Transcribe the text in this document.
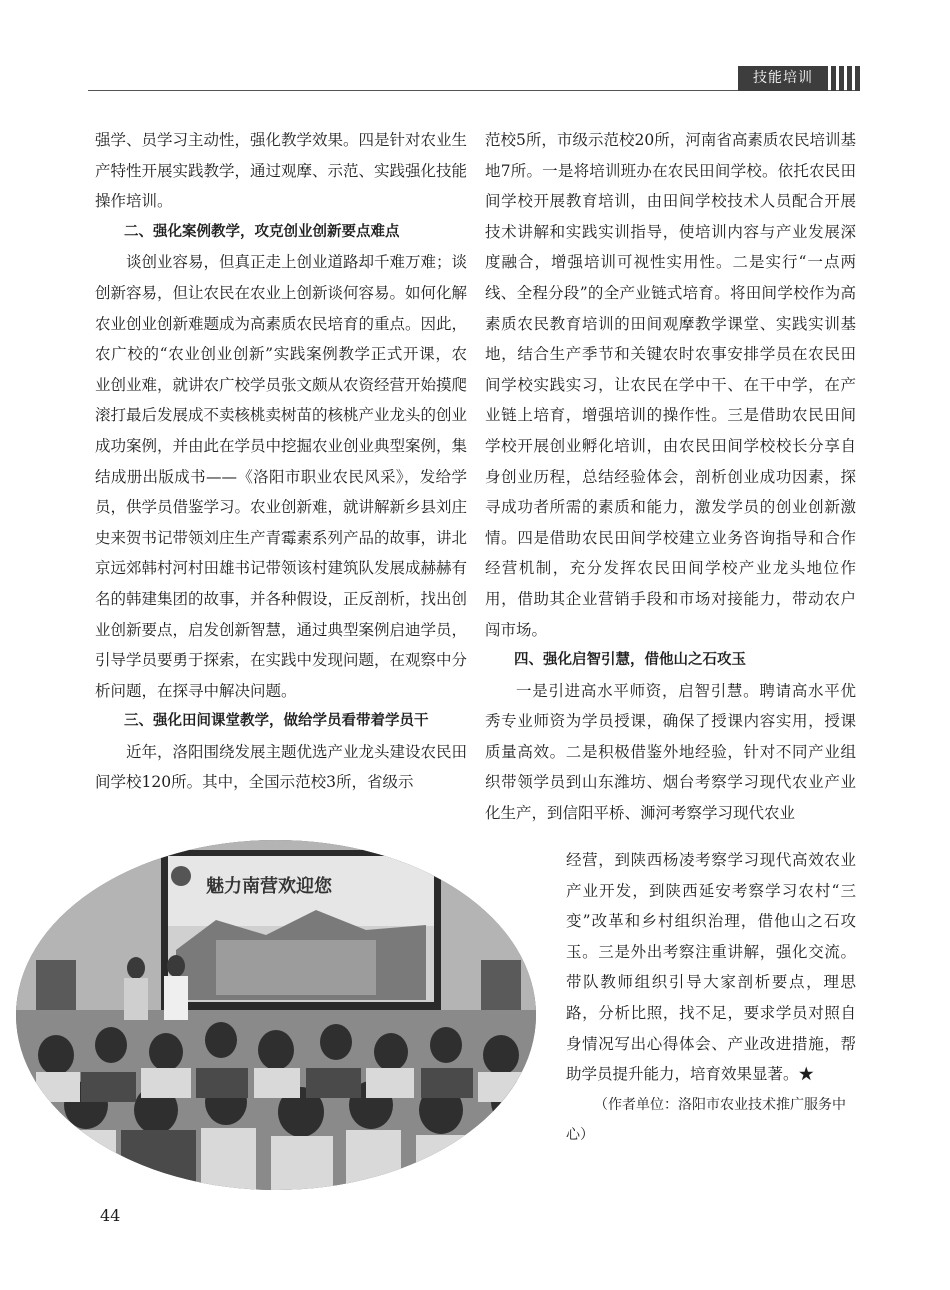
技能培训

强学、员学习主动性，强化教学效果。四是针对农业生产特性开展实践教学，通过观摩、示范、实践强化技能操作培训。

二、强化案例教学，攻克创业创新要点难点

谈创业容易，但真正走上创业道路却千难万难；谈创新容易，但让农民在农业上创新谈何容易。如何化解农业创业创新难题成为高素质农民培育的重点。因此，农广校的“农业创业创新”实践案例教学正式开课，农业创业难，就讲农广校学员张文颇从农资经营开始摸爬滚打最后发展成不卖核桃卖树苗的核桃产业龙头的创业成功案例，并由此在学员中挖掘农业创业典型案例，集结成册出版成书——《洛阳市职业农民风采》，发给学员，供学员借鉴学习。农业创新难，就讲解新乡县刘庄史来贺书记带领刘庄生产青霉素系列产品的故事，讲北京远郊韩村河村田雄书记带领该村建筑队发展成赫赫有名的韩建集团的故事，并各种假设，正反剖析，找出创业创新要点，启发创新智慧，通过典型案例启迪学员，引导学员要勇于探索，在实践中发现问题，在观察中分析问题，在探寻中解决问题。

三、强化田间课堂教学，做给学员看带着学员干

近年，洛阳围绕发展主题优选产业龙头建设农民田间学校120所。其中，全国示范校3所，省级示

范校5所，市级示范校20所，河南省高素质农民培训基地7所。一是将培训班办在农民田间学校。依托农民田间学校开展教育培训，由田间学校技术人员配合开展技术讲解和实践实训指导，使培训内容与产业发展深度融合，增强培训可视性实用性。二是实行“一点两线、全程分段”的全产业链式培育。将田间学校作为高素质农民教育培训的田间观摩教学课堂、实践实训基地，结合生产季节和关键农时农事安排学员在农民田间学校实践实习，让农民在学中干、在干中学，在产业链上培育，增强培训的操作性。三是借助农民田间学校开展创业孵化培训，由农民田间学校校长分享自身创业历程，总结经验体会，剖析创业成功因素，探寻成功者所需的素质和能力，激发学员的创业创新激情。四是借助农民田间学校建立业务咨询指导和合作经营机制，充分发挥农民田间学校产业龙头地位作用，借助其企业营销手段和市场对接能力，带动农户闯市场。

四、强化启智引慧，借他山之石攻玉

一是引进高水平师资，启智引慧。聘请高水平优秀专业师资为学员授课，确保了授课内容实用，授课质量高效。二是积极借鉴外地经验，针对不同产业组织带领学员到山东潍坊、烟台考察学习现代农业产业化生产，到信阳平桥、浉河考察学习现代农业

经营，到陕西杨凌考察学习现代高效农业产业开发，到陕西延安考察学习农村“三变”改革和乡村组织治理，借他山之石攻玉。三是外出考察注重讲解，强化交流。带队教师组织引导大家剖析要点，理思路，分析比照，找不足，要求学员对照自身情况写出心得体会、产业改进措施，帮助学员提升能力，培育效果显著。★

（作者单位：洛阳市农业技术推广服务中心）

魅力南营欢迎您
44
